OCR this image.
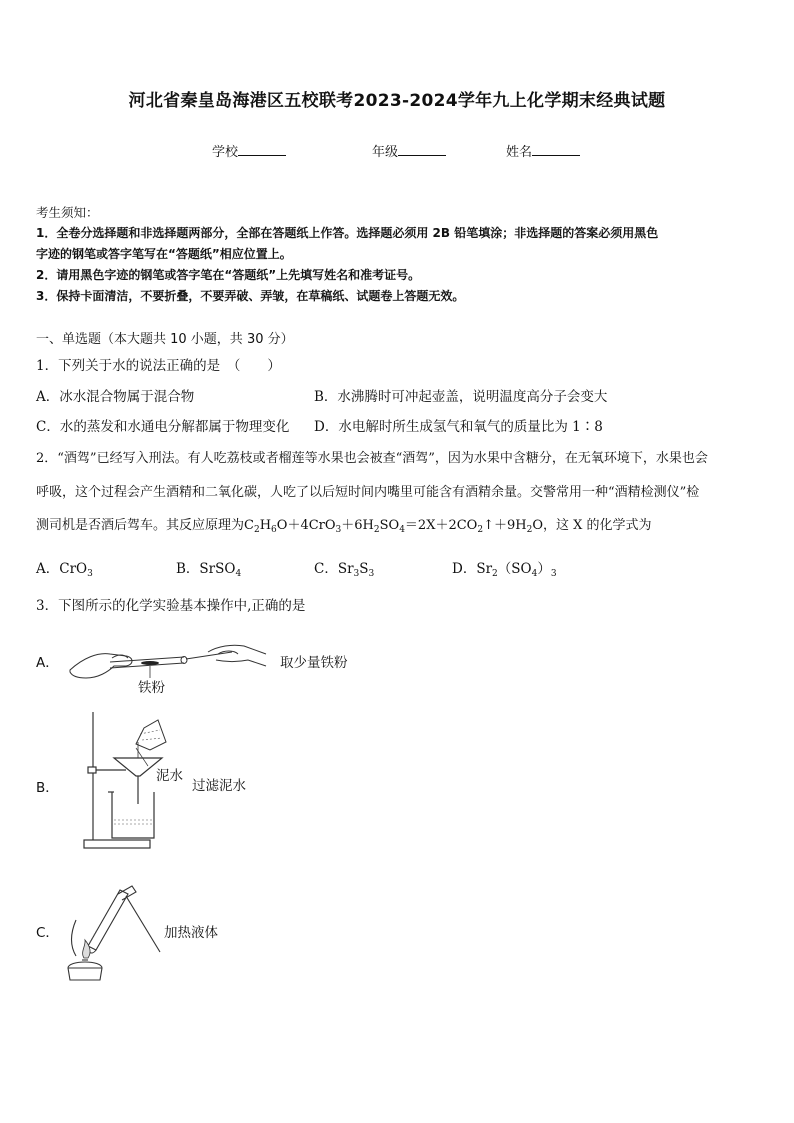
河北省秦皇岛海港区五校联考2023-2024学年九上化学期末经典试题
学校	年级	姓名
考生须知：
1．全卷分选择题和非选择题两部分，全部在答题纸上作答。选择题必须用 2B 铅笔填涂；非选择题的答案必须用黑色
字迹的钢笔或答字笔写在“答题纸”相应位置上。
2．请用黑色字迹的钢笔或答字笔在“答题纸”上先填写姓名和准考证号。
3．保持卡面清洁，不要折叠，不要弄破、弄皱，在草稿纸、试题卷上答题无效。
一、单选题（本大题共 10 小题，共 30 分）
1．下列关于水的说法正确的是　（　　）
A．冰水混合物属于混合物	B．水沸腾时可冲起壶盖，说明温度高分子会变大
C．水的蒸发和水通电分解都属于物理变化 D．水电解时所生成氢气和氧气的质量比为 1∶8
2．“酒驾”已经写入刑法。有人吃荔枝或者榴莲等水果也会被查“酒驾”，因为水果中含糖分，在无氧环境下，水果也会
呼吸，这个过程会产生酒精和二氧化碳，人吃了以后短时间内嘴里可能含有酒精余量。交警常用一种“酒精检测仪”检
测司机是否酒后驾车。其反应原理为$C_2H_6O+4CrO_3+6H_2SO_4=2X+2CO_2↑+9H_2O$，这 X 的化学式为
A．CrO$_3$	B．SrSO$_4$	C．$Sr_3S_3$	D．$Sr_2(SO_4)_3$
3．下图所示的化学实验基本操作中,正确的是
A．
铁粉
取少量铁粉
B．
泥水
过滤泥水
C．	加热液体
